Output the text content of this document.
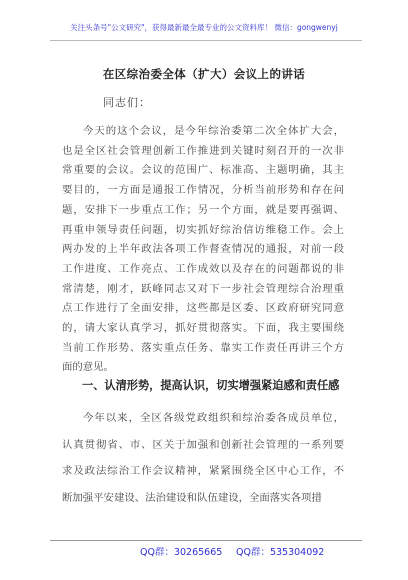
关注头条号"公文研究"，获得最新最全最专业的公文资料库！ 微信：gongwenyj
在区综治委全体（扩大）会议上的讲话
同志们：
今天的这个会议，是今年综治委第二次全体扩大会，
也是全区社会管理创新工作推进到关键时刻召开的一次非
常重要的会议。会议的范围广、标准高、主题明确，其主
要目的，一方面是通报工作情况，分析当前形势和存在问
题，安排下一步重点工作；另一个方面，就是要再强调、
再重申领导责任问题，切实抓好综治信访维稳工作。会上
两办发的上半年政法各项工作督查情况的通报，对前一段
工作进度、工作亮点、工作成效以及存在的问题都说的非
常清楚，刚才，跃峰同志又对下一步社会管理综合治理重
点工作进行了全面安排，这些都是区委、区政府研究同意
的，请大家认真学习，抓好贯彻落实。下面，我主要围绕
当前工作形势、落实重点任务、靠实工作责任再讲三个方
面的意见。
一、认清形势，提高认识，切实增强紧迫感和责任感
今年以来，全区各级党政组织和综治委各成员单位，
认真贯彻省、市、区关于加强和创新社会管理的一系列要
求及政法综治工作会议精神，紧紧围绕全区中心工作，不
断加强平安建设、法治建设和队伍建设，全面落实各项措
QQ群：30265665 QQ群：535304092
